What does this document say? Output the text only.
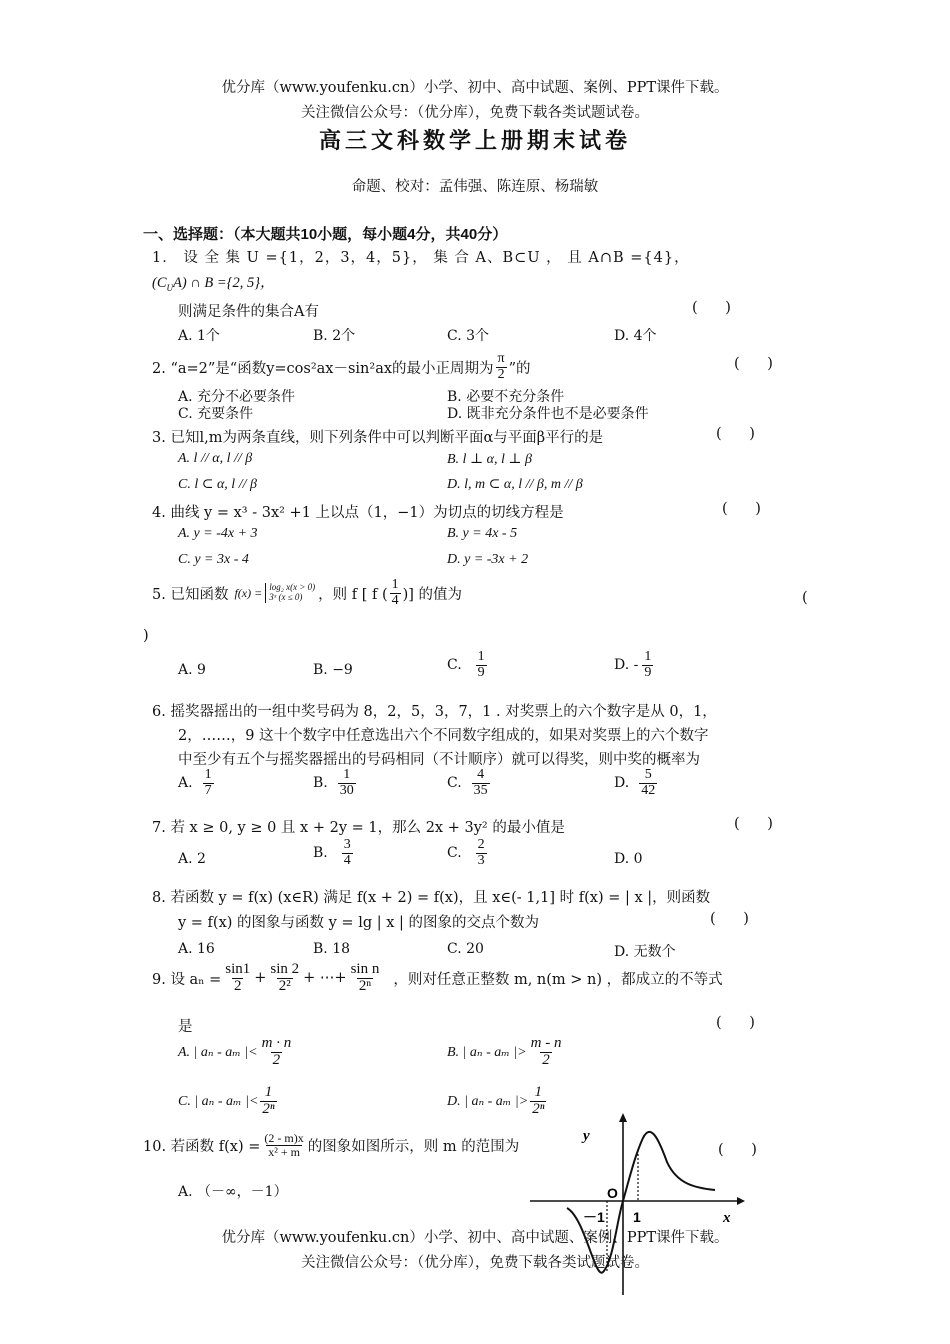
优分库（www.youfenku.cn）小学、初中、高中试题、案例、PPT课件下载。
关注微信公众号：（优分库），免费下载各类试题试卷。
高三文科数学上册期末试卷
命题、校对：孟伟强、陈连原、杨瑞敏
一、选择题：（本大题共10小题，每小题4分，共40分）
1． 设 全 集 U ={1，2，3，4，5}， 集 合 A、B⊂U ， 且 A∩B ={4}，
$(C_UA)$ ∩ B ={2, 5}，
则满足条件的集合A有	(      )
A. 1个	B. 2个	C. 3个	D. 4个
2. “a=2”是“函数y=cos²ax－sin²ax的最小正周期为 $\frac{\pi}{2}$ ”的	(      )
A. 充分不必要条件	B. 必要不充分条件
C. 充要条件	D. 既非充分条件也不是必要条件
3. 已知l,m为两条直线，则下列条件中可以判断平面α与平面β平行的是	(      )
A. l // α, l // β	B. l ⊥ α, l ⊥ β
C. l ⊂ α, l // β	D. l, m ⊂ α, l // β, m // β
4. 曲线 y = x³ - 3x² +1 上以点（1，−1）为切点的切线方程是	(      )
A. y = -4x + 3	B. y = 4x - 5
C. y = 3x - 4	D. y = -3x + 2
5. 已知函数 f(x) = log₂ x(x > 0)
3ˣ (x ≤ 0)	，则 f [ f ( $\frac{1}{4}$ )] 的值为	(
)
A. 9	B. −9	C. $\frac{1}{9}$	D. - $\frac{1}{9}$
6. 摇奖器摇出的一组中奖号码为 8，2，5，3，7，1 . 对奖票上的六个数字是从 0，1，
2，……，9 这十个数字中任意选出六个不同数字组成的，如果对奖票上的六个数字
中至少有五个与摇奖器摇出的号码相同（不计顺序）就可以得奖，则中奖的概率为
A. $\frac{1}{7}$	B. $\frac{1}{30}$	C. $\frac{4}{35}$	D. $\frac{5}{42}$
7. 若 x ≥ 0, y ≥ 0 且 x + 2y = 1，那么 2x + 3y² 的最小值是	(      )
A. 2	B. $\frac{3}{4}$	C. $\frac{2}{3}$	D. 0
8. 若函数 y = f(x) (x∈R) 满足 f(x + 2) = f(x)，且 x∈(- 1,1] 时 f(x) = | x |，则函数
y = f(x) 的图象与函数 y = lg | x | 的图象的交点个数为	(      )
A. 16	B. 18	C. 20	D. 无数个
9. 设 $a_n = \frac{\sin 1}{2} + \frac{\sin 2}{\text{2²}}$ + ⋯+ $\frac{\text{sin n}}{\text{2ⁿ}}$ ，则对任意正整数 m, n(m > n) ，都成立的不等式
是	(      )
A. | aₙ - aₘ |< $\frac{m \cdot n}{2}$	B. | aₙ - aₘ |> $\frac{m - n}{2}$
C. | aₙ - aₘ |< $\frac{1}{\text{2ⁿ}}$	D. | aₙ - aₘ |> $\frac{1}{\text{2ⁿ}}$
10. 若函数 $f(x) = \frac{(2 - m)x}{\text{x² + m}}$ 的图象如图所示，则 m 的范围为	(      )
A. （－∞，－1）
y
x
O
－1 1
优分库（www.youfenku.cn）小学、初中、高中试题、案例、PPT课件下载。
关注微信公众号：（优分库），免费下载各类试题试卷。
